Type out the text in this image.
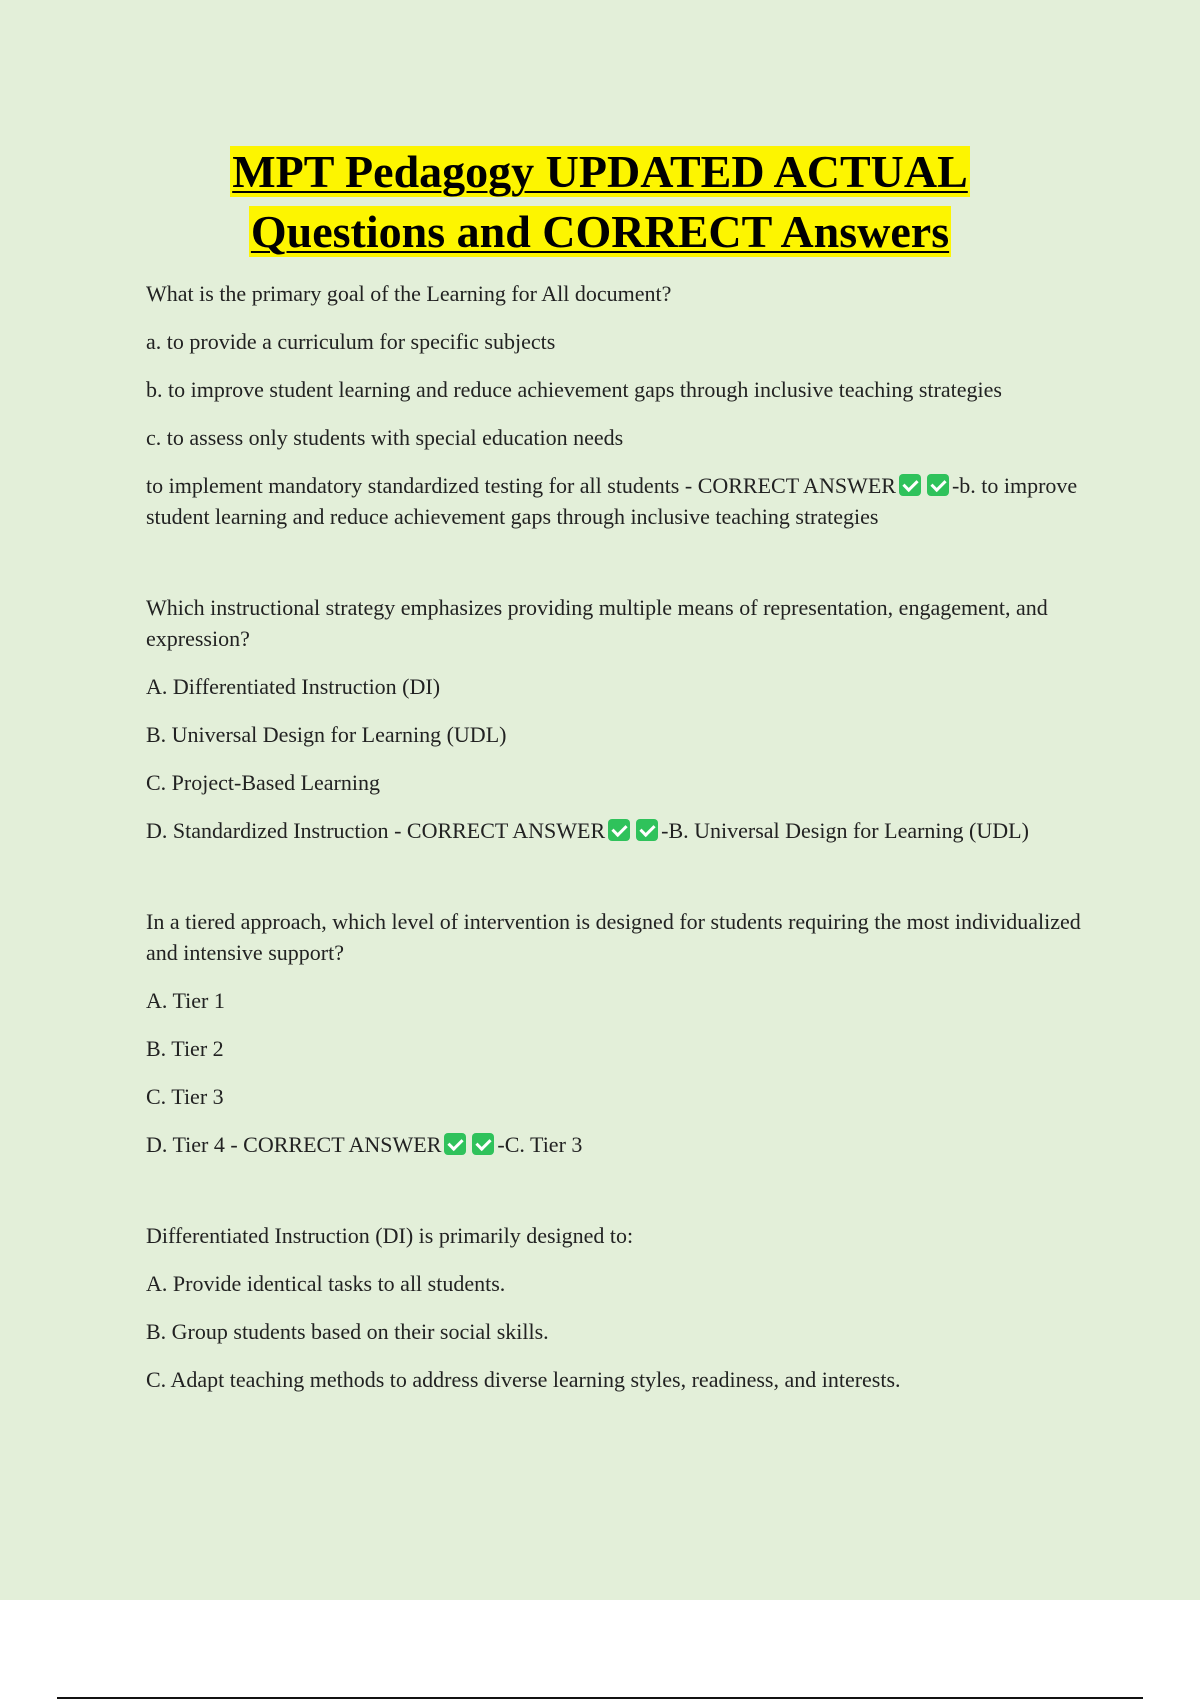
MPT Pedagogy UPDATED ACTUAL
Questions and CORRECT Answers

What is the primary goal of the Learning for All document?

a. to provide a curriculum for specific subjects

b. to improve student learning and reduce achievement gaps through inclusive teaching strategies

c. to assess only students with special education needs

to implement mandatory standardized testing for all students - CORRECT ANSWER	-b. to improve student learning and reduce achievement gaps through inclusive teaching strategies

Which instructional strategy emphasizes providing multiple means of representation, engagement, and expression?

A. Differentiated Instruction (DI)

B. Universal Design for Learning (UDL)

C. Project-Based Learning

D. Standardized Instruction - CORRECT ANSWER	-B. Universal Design for Learning (UDL)

In a tiered approach, which level of intervention is designed for students requiring the most individualized and intensive support?

A. Tier 1

B. Tier 2

C. Tier 3

D. Tier 4 - CORRECT ANSWER	-C. Tier 3

Differentiated Instruction (DI) is primarily designed to:

A. Provide identical tasks to all students.

B. Group students based on their social skills.

C. Adapt teaching methods to address diverse learning styles, readiness, and interests.
